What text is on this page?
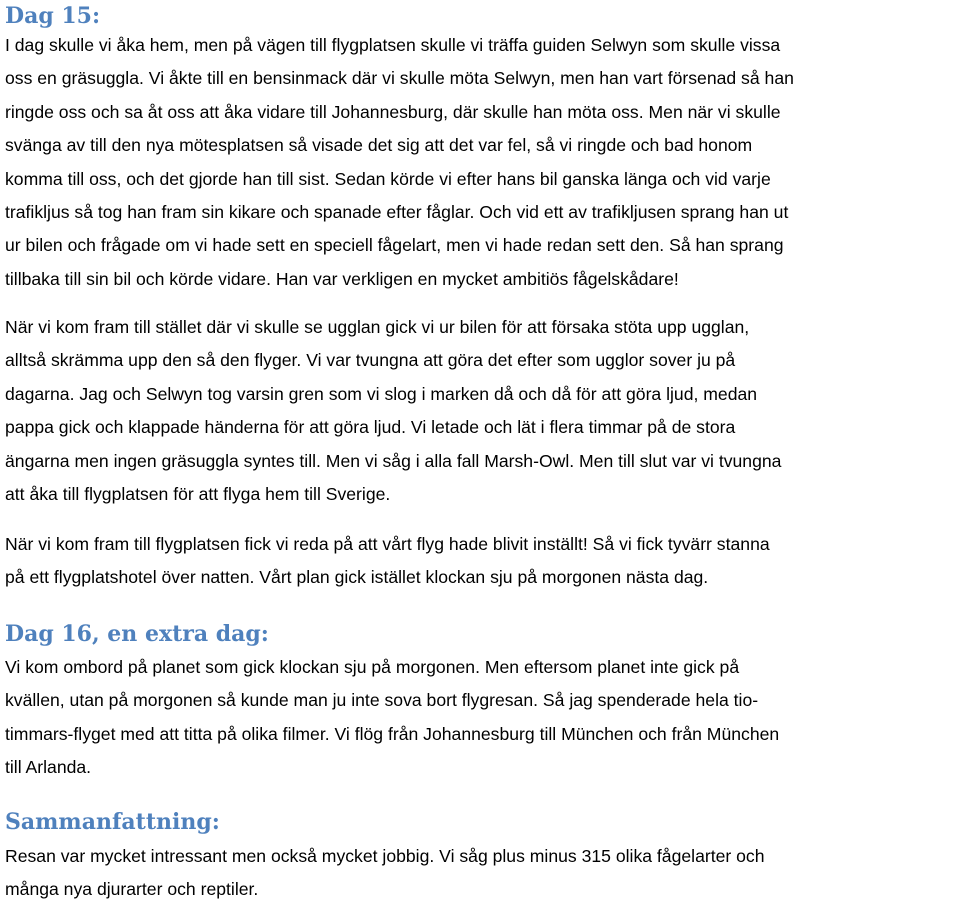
Dag 15:

I dag skulle vi åka hem, men på vägen till flygplatsen skulle vi träffa guiden Selwyn som skulle vissa
oss en gräsuggla. Vi åkte till en bensinmack där vi skulle möta Selwyn, men han vart försenad så han
ringde oss och sa åt oss att åka vidare till Johannesburg, där skulle han möta oss. Men när vi skulle
svänga av till den nya mötesplatsen så visade det sig att det var fel, så vi ringde och bad honom
komma till oss, och det gjorde han till sist. Sedan körde vi efter hans bil ganska länga och vid varje
trafikljus så tog han fram sin kikare och spanade efter fåglar. Och vid ett av trafikljusen sprang han ut
ur bilen och frågade om vi hade sett en speciell fågelart, men vi hade redan sett den. Så han sprang
tillbaka till sin bil och körde vidare. Han var verkligen en mycket ambitiös fågelskådare!

När vi kom fram till stället där vi skulle se ugglan gick vi ur bilen för att försaka stöta upp ugglan,
alltså skrämma upp den så den flyger. Vi var tvungna att göra det efter som ugglor sover ju på
dagarna. Jag och Selwyn tog varsin gren som vi slog i marken då och då för att göra ljud, medan
pappa gick och klappade händerna för att göra ljud. Vi letade och lät i flera timmar på de stora
ängarna men ingen gräsuggla syntes till. Men vi såg i alla fall Marsh-Owl. Men till slut var vi tvungna
att åka till flygplatsen för att flyga hem till Sverige.

När vi kom fram till flygplatsen fick vi reda på att vårt flyg hade blivit inställt! Så vi fick tyvärr stanna
på ett flygplatshotel över natten. Vårt plan gick istället klockan sju på morgonen nästa dag.

Dag 16, en extra dag:

Vi kom ombord på planet som gick klockan sju på morgonen. Men eftersom planet inte gick på
kvällen, utan på morgonen så kunde man ju inte sova bort flygresan. Så jag spenderade hela tio-
timmars-flyget med att titta på olika filmer. Vi flög från Johannesburg till München och från München
till Arlanda.

Sammanfattning:

Resan var mycket intressant men också mycket jobbig. Vi såg plus minus 315 olika fågelarter och
många nya djurarter och reptiler.
